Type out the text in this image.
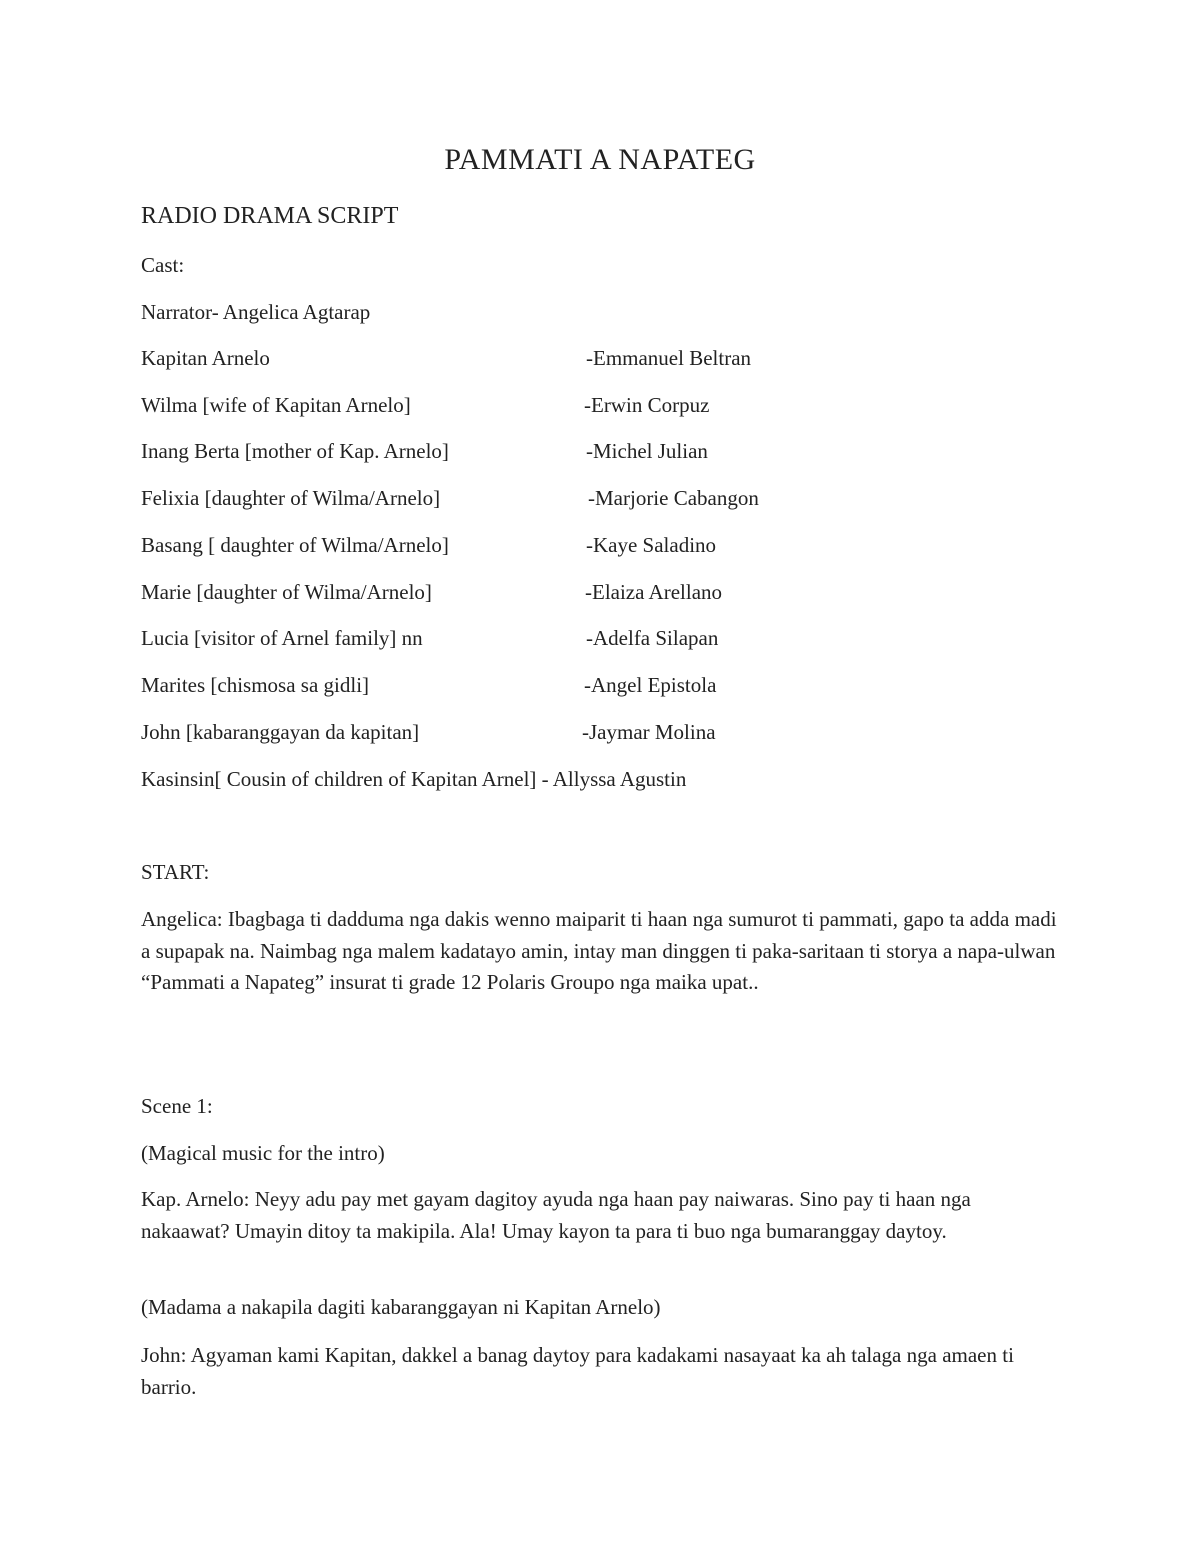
PAMMATI A NAPATEG
RADIO DRAMA SCRIPT
Cast:
Narrator- Angelica Agtarap
Kapitan Arnelo	-Emmanuel Beltran
Wilma [wife of Kapitan Arnelo]	-Erwin Corpuz
Inang Berta [mother of Kap. Arnelo]	-Michel Julian
Felixia [daughter of Wilma/Arnelo]	-Marjorie Cabangon
Basang [ daughter of Wilma/Arnelo]	-Kaye Saladino
Marie [daughter of Wilma/Arnelo]	-Elaiza Arellano
Lucia [visitor of Arnel family] nn	-Adelfa Silapan
Marites [chismosa sa gidli]	-Angel Epistola
John [kabaranggayan da kapitan]	-Jaymar Molina
Kasinsin[ Cousin of children of Kapitan Arnel] - Allyssa Agustin
START:
Angelica: Ibagbaga ti dadduma nga dakis wenno maiparit ti haan nga sumurot ti pammati, gapo ta adda madi a supapak na. Naimbag nga malem kadatayo amin, intay man dinggen ti paka-saritaan ti storya a napa-ulwan “Pammati a Napateg” insurat ti grade 12 Polaris Groupo nga maika upat..
Scene 1:
(Magical music for the intro)
Kap. Arnelo: Neyy adu pay met gayam dagitoy ayuda nga haan pay naiwaras. Sino pay ti haan nga nakaawat? Umayin ditoy ta makipila. Ala! Umay kayon ta para ti buo nga bumaranggay daytoy.
(Madama a nakapila dagiti kabaranggayan ni Kapitan Arnelo)
John: Agyaman kami Kapitan, dakkel a banag daytoy para kadakami nasayaat ka ah talaga nga amaen ti barrio.
